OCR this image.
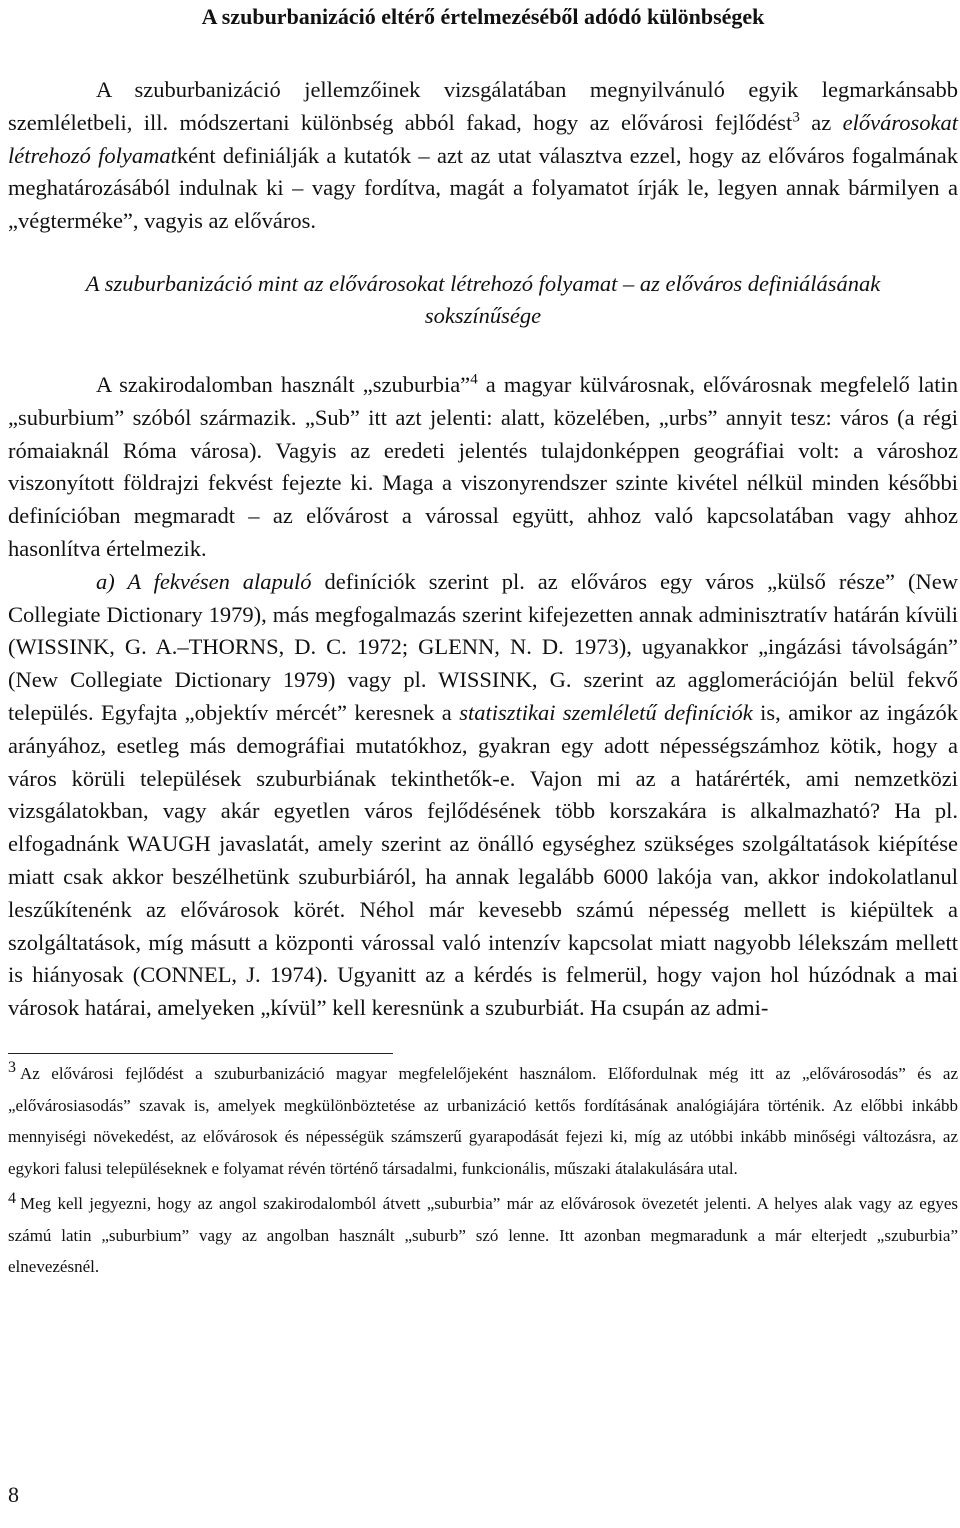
A szuburbanizáció eltérő értelmezéséből adódó különbségek

A szuburbanizáció jellemzőinek vizsgálatában megnyilvánuló egyik legmarkánsabb szemléletbeli, ill. módszertani különbség abból fakad, hogy az elővárosi fejlődést$^3$ az elővárosokat létrehozó folyamatként definiálják a kutatók – azt az utat választva ezzel, hogy az előváros fogalmának meghatározásából indulnak ki – vagy fordítva, magát a folyamatot írják le, legyen annak bármilyen a „végterméke”, vagyis az előváros.

A szuburbanizáció mint az elővárosokat létrehozó folyamat – az előváros definiálásának sokszínűsége

A szakirodalomban használt „szuburbia”$^4$ a magyar külvárosnak, elővárosnak megfelelő latin „suburbium” szóból származik. „Sub” itt azt jelenti: alatt, közelében, „urbs” annyit tesz: város (a régi rómaiaknál Róma városa). Vagyis az eredeti jelentés tulajdonképpen geográfiai volt: a városhoz viszonyított földrajzi fekvést fejezte ki. Maga a viszonyrendszer szinte kivétel nélkül minden későbbi definícióban megmaradt – az elővárost a várossal együtt, ahhoz való kapcsolatában vagy ahhoz hasonlítva értelmezik.

a) A fekvésen alapuló definíciók szerint pl. az előváros egy város „külső része” (New Collegiate Dictionary 1979), más megfogalmazás szerint kifejezetten annak adminisztratív határán kívüli (WISSINK, G. A.–THORNS, D. C. 1972; GLENN, N. D. 1973), ugyanakkor „ingázási távolságán” (New Collegiate Dictionary 1979) vagy pl. WISSINK, G. szerint az agglomerációján belül fekvő település. Egyfajta „objektív mércét” keresnek a statisztikai szemléletű definíciók is, amikor az ingázók arányához, esetleg más demográfiai mutatókhoz, gyakran egy adott népességszámhoz kötik, hogy a város körüli települések szuburbiának tekinthetők-e. Vajon mi az a határérték, ami nemzetközi vizsgálatokban, vagy akár egyetlen város fejlődésének több korszakára is alkalmazható? Ha pl. elfogadnánk WAUGH javaslatát, amely szerint az önálló egységhez szükséges szolgáltatások kiépítése miatt csak akkor beszélhetünk szuburbiáról, ha annak legalább 6000 lakója van, akkor indokolatlanul leszűkítenénk az elővárosok körét. Néhol már kevesebb számú népesség mellett is kiépültek a szolgáltatások, míg másutt a központi várossal való intenzív kapcsolat miatt nagyobb lélekszám mellett is hiányosak (CONNEL, J. 1974). Ugyanitt az a kérdés is felmerül, hogy vajon hol húzódnak a mai városok határai, amelyeken „kívül” kell keresnünk a szuburbiát. Ha csupán az admi-

3 Az elővárosi fejlődést a szuburbanizáció magyar megfelelőjeként használom. Előfordulnak még itt az „elővárosodás” és az „elővárosiasodás” szavak is, amelyek megkülönböztetése az urbanizáció kettős fordításának analógiájára történik. Az előbbi inkább mennyiségi növekedést, az elővárosok és népességük számszerű gyarapodását fejezi ki, míg az utóbbi inkább minőségi változásra, az egykori falusi településeknek e folyamat révén történő társadalmi, funkcionális, műszaki átalakulására utal.

4 Meg kell jegyezni, hogy az angol szakirodalomból átvett „suburbia” már az elővárosok övezetét jelenti. A helyes alak vagy az egyes számú latin „suburbium” vagy az angolban használt „suburb” szó lenne. Itt azonban megmaradunk a már elterjedt „szuburbia” elnevezésnél.

8
